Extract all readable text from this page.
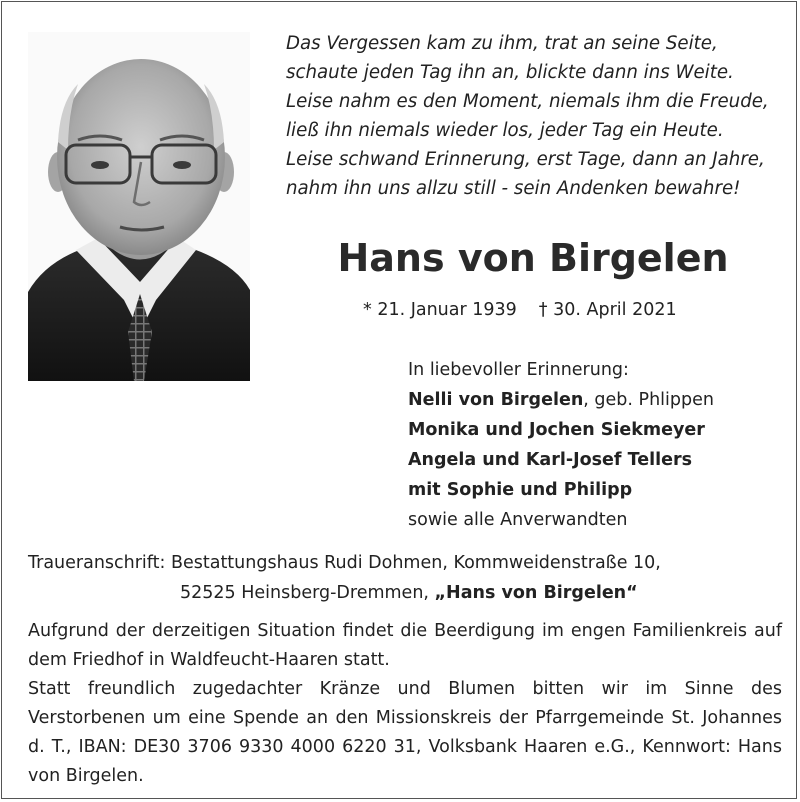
Das Vergessen kam zu ihm, trat an seine Seite,
schaute jeden Tag ihn an, blickte dann ins Weite.
Leise nahm es den Moment, niemals ihm die Freude,
ließ ihn niemals wieder los, jeder Tag ein Heute.
Leise schwand Erinnerung, erst Tage, dann an Jahre,
nahm ihn uns allzu still - sein Andenken bewahre!
Hans von Birgelen
* 21. Januar 1939 † 30. April 2021
In liebevoller Erinnerung:
Nelli von Birgelen, geb. Phlippen
Monika und Jochen Siekmeyer
Angela und Karl-Josef Tellers
mit Sophie und Philipp
sowie alle Anverwandten
Traueranschrift: Bestattungshaus Rudi Dohmen, Kommweidenstraße 10,
52525 Heinsberg-Dremmen, „Hans von Birgelen“

Aufgrund der derzeitigen Situation findet die Beerdigung im engen Familienkreis auf dem Friedhof in Waldfeucht-Haaren statt.

Statt freundlich zugedachter Kränze und Blumen bitten wir im Sinne des Verstorbenen um eine Spende an den Missionskreis der Pfarrgemeinde St. Johannes d. T., IBAN: DE30 3706 9330 4000 6220 31, Volksbank Haaren e.G., Kennwort: Hans von Birgelen.
